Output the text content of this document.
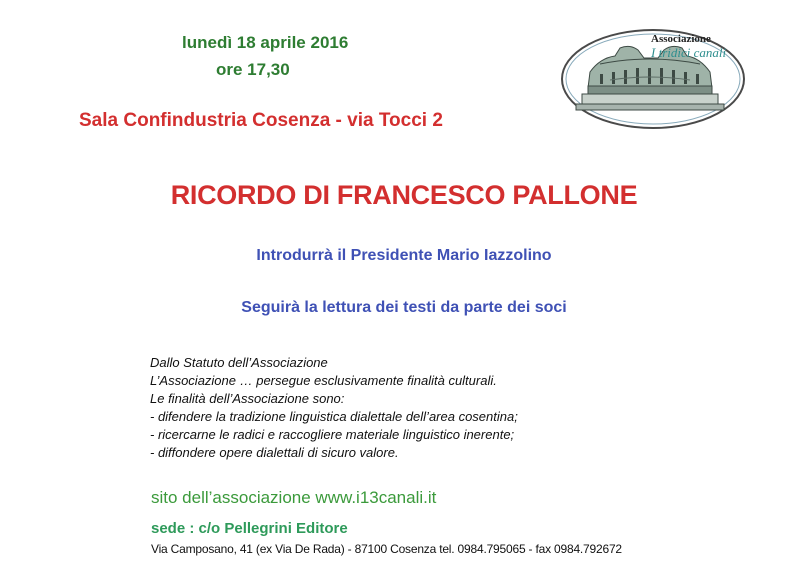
lunedì 18 aprile 2016
ore 17,30
Sala Confindustria Cosenza - via Tocci 2
Associazione
I tridici canali
RICORDO DI FRANCESCO PALLONE
Introdurrà il Presidente Mario Iazzolino
Seguirà la lettura dei testi da parte dei soci
Dallo Statuto dell’Associazione
L’Associazione … persegue esclusivamente finalità culturali.
Le finalità dell’Associazione sono:
- difendere la tradizione linguistica dialettale dell’area cosentina;
- ricercarne le radici e raccogliere materiale linguistico inerente;
- diffondere opere dialettali di sicuro valore.
sito dell’associazione www.i13canali.it
sede : c/o Pellegrini Editore
Via Camposano, 41 (ex Via De Rada) - 87100 Cosenza tel. 0984.795065 - fax 0984.792672
